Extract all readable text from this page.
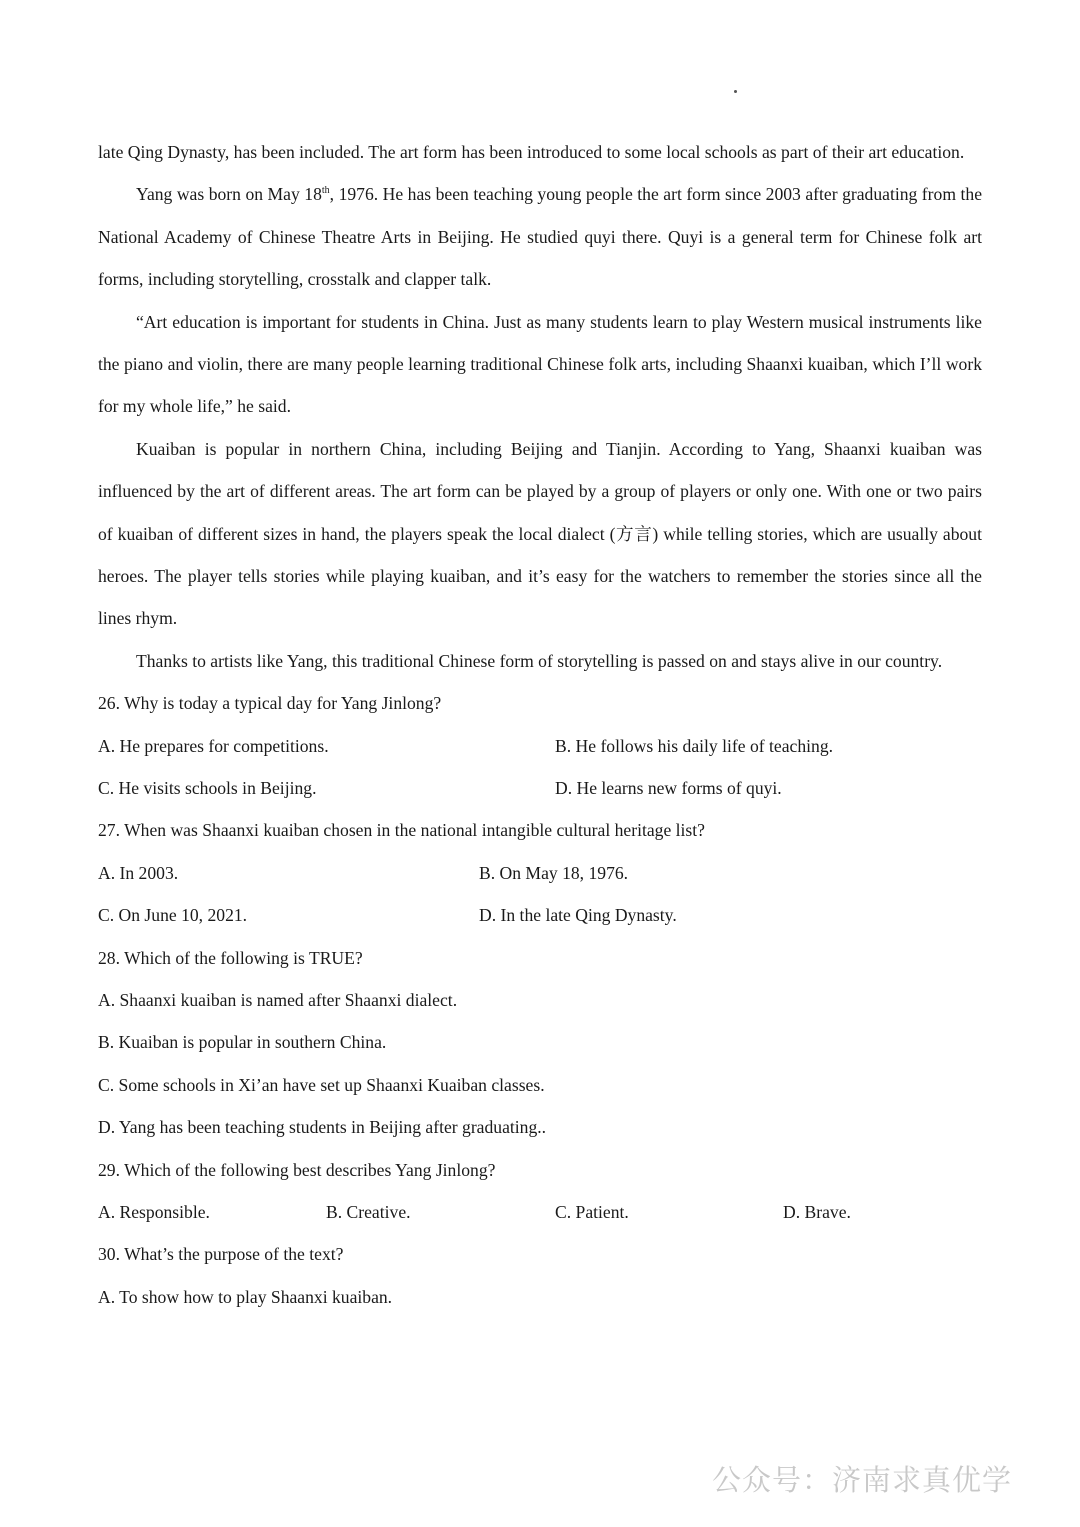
late Qing Dynasty, has been included. The art form has been introduced to some local schools as part of their art education.

Yang was born on May 18th, 1976. He has been teaching young people the art form since 2003 after graduating from the National Academy of Chinese Theatre Arts in Beijing. He studied quyi there. Quyi is a general term for Chinese folk art forms, including storytelling, crosstalk and clapper talk.

“Art education is important for students in China. Just as many students learn to play Western musical instruments like the piano and violin, there are many people learning traditional Chinese folk arts, including Shaanxi kuaiban, which I’ll work for my whole life,” he said.

Kuaiban is popular in northern China, including Beijing and Tianjin. According to Yang, Shaanxi kuaiban was influenced by the art of different areas. The art form can be played by a group of players or only one. With one or two pairs of kuaiban of different sizes in hand, the players speak the local dialect (方言) while telling stories, which are usually about heroes. The player tells stories while playing kuaiban, and it’s easy for the watchers to remember the stories since all the lines rhym.

Thanks to artists like Yang, this traditional Chinese form of storytelling is passed on and stays alive in our country.

26. Why is today a typical day for Yang Jinlong?
A. He prepares for competitions.	B. He follows his daily life of teaching.
C. He visits schools in Beijing.	D. He learns new forms of quyi.
27. When was Shaanxi kuaiban chosen in the national intangible cultural heritage list?
A. In 2003.	B. On May 18, 1976.
C. On June 10, 2021.	D. In the late Qing Dynasty.
28. Which of the following is TRUE?
A. Shaanxi kuaiban is named after Shaanxi dialect.
B. Kuaiban is popular in southern China.
C. Some schools in Xi’an have set up Shaanxi Kuaiban classes.
D. Yang has been teaching students in Beijing after graduating..
29. Which of the following best describes Yang Jinlong?
A. Responsible.	B. Creative.	C. Patient.	D. Brave.
30. What’s the purpose of the text?
A. To show how to play Shaanxi kuaiban.
公众号：济南求真优学
